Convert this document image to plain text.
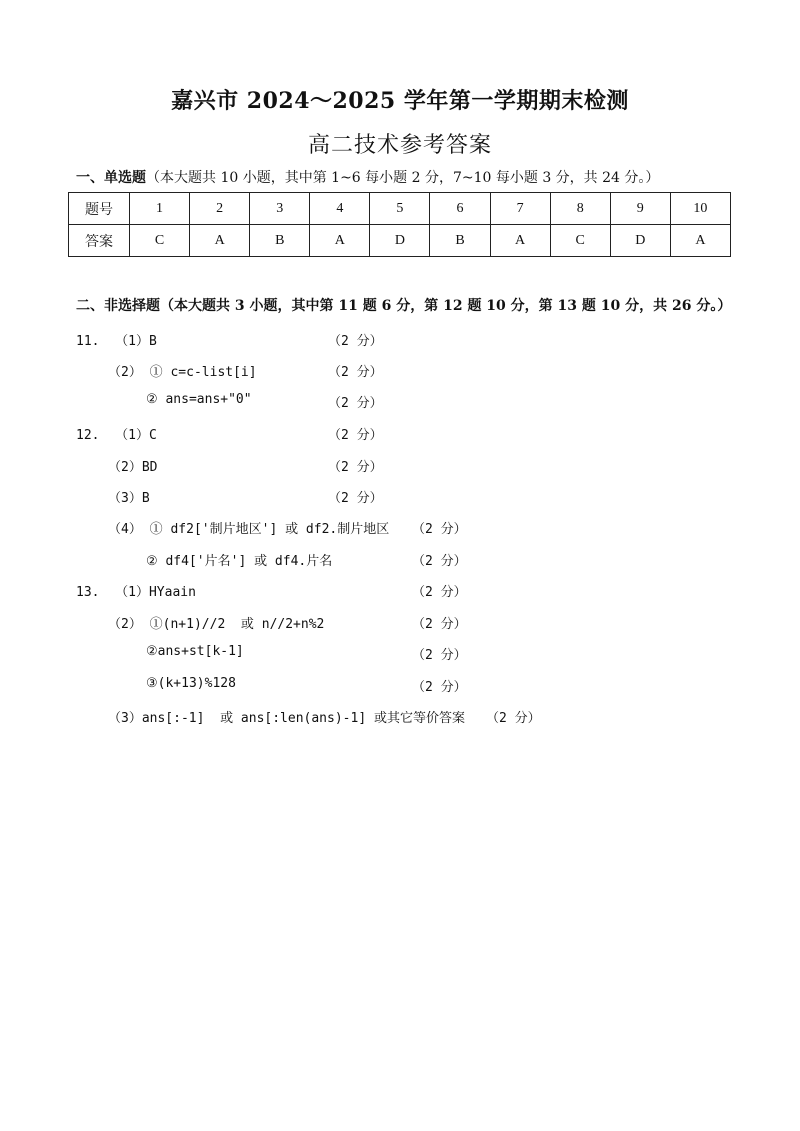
嘉兴市 2024～2025 学年第一学期期末检测
高二技术参考答案
一、单选题（本大题共 10 小题，其中第 1~6 每小题 2 分，7~10 每小题 3 分，共 24 分。）
题号	1	2	3	4	5	6	7	8	9	10
答案	C	A	B	A	D	B	A	C	D	A
二、非选择题（本大题共 3 小题，其中第 11 题 6 分，第 12 题 10 分，第 13 题 10 分，共 26 分。）
11.  （1）B	（2 分）
（2） ① c=c-list[i]	（2 分）
② ans=ans+"0"	（2 分）
12.  （1）C	（2 分）
（2）BD	（2 分）
（3）B	（2 分）
（4） ① df2['制片地区'] 或 df2.制片地区 （2 分）
② df4['片名'] 或 df4.片名	（2 分）
13.  （1）HYaain	（2 分）
（2） ①(n+1)//2  或 n//2+n%2	（2 分）
②ans+st[k-1]	（2 分）
③(k+13)%128	（2 分）
（3）ans[:-1]  或 ans[:len(ans)-1] 或其它等价答案 （2 分）
